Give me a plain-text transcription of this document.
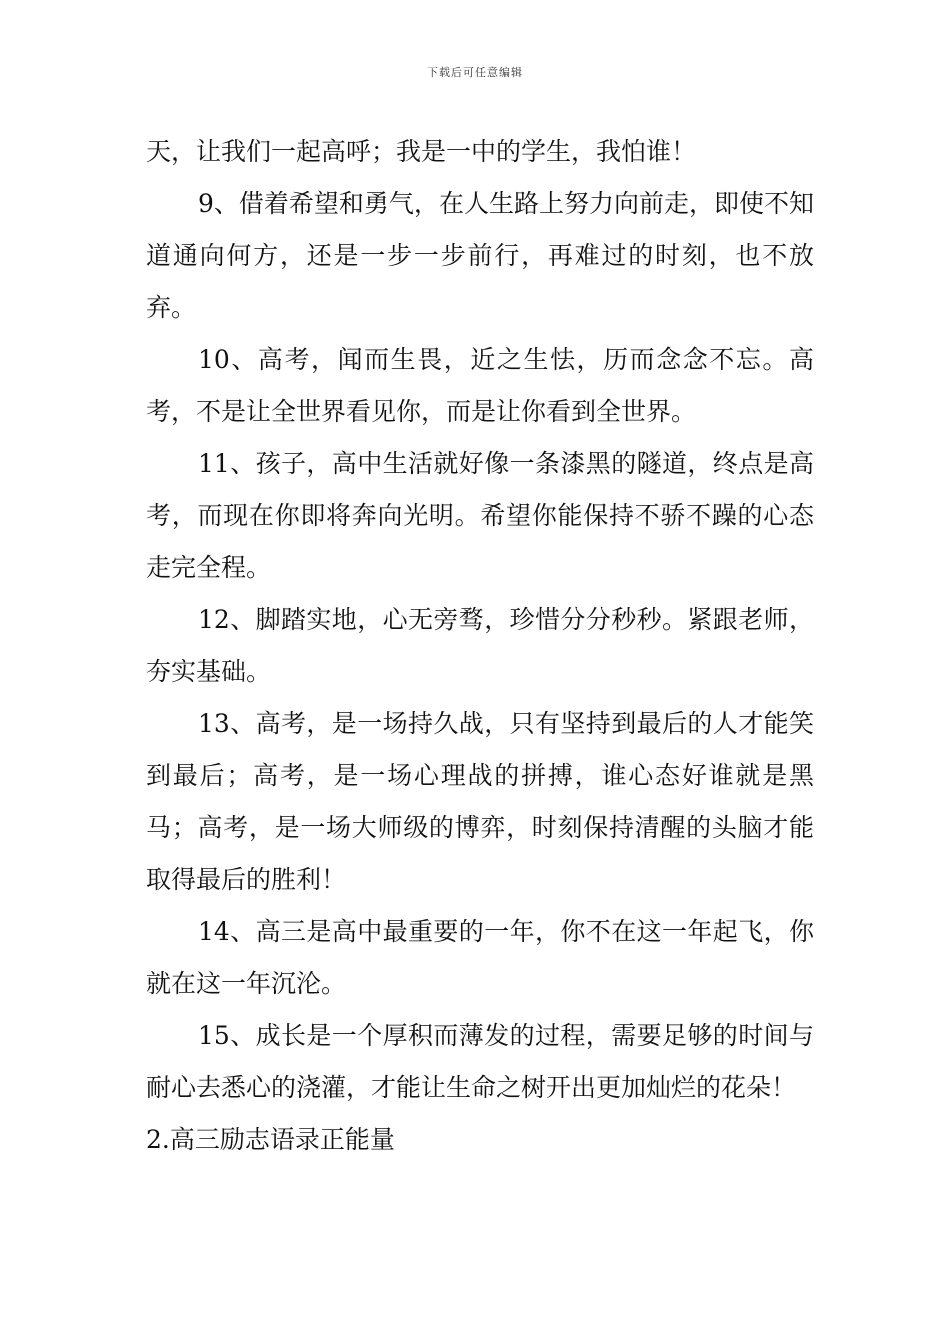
下载后可任意编辑

天，让我们一起高呼；我是一中的学生，我怕谁！

9、借着希望和勇气，在人生路上努力向前走，即使不知道通向何方，还是一步一步前行，再难过的时刻，也不放弃。

10、高考，闻而生畏，近之生怯，历而念念不忘。高考，不是让全世界看见你，而是让你看到全世界。

11、孩子，高中生活就好像一条漆黑的隧道，终点是高考，而现在你即将奔向光明。希望你能保持不骄不躁的心态走完全程。

12、脚踏实地，心无旁骛，珍惜分分秒秒。紧跟老师，夯实基础。

13、高考，是一场持久战，只有坚持到最后的人才能笑到最后；高考，是一场心理战的拼搏，谁心态好谁就是黑马；高考，是一场大师级的博弈，时刻保持清醒的头脑才能取得最后的胜利！

14、高三是高中最重要的一年，你不在这一年起飞，你就在这一年沉沦。

15、成长是一个厚积而薄发的过程，需要足够的时间与耐心去悉心的浇灌，才能让生命之树开出更加灿烂的花朵！

2.高三励志语录正能量
